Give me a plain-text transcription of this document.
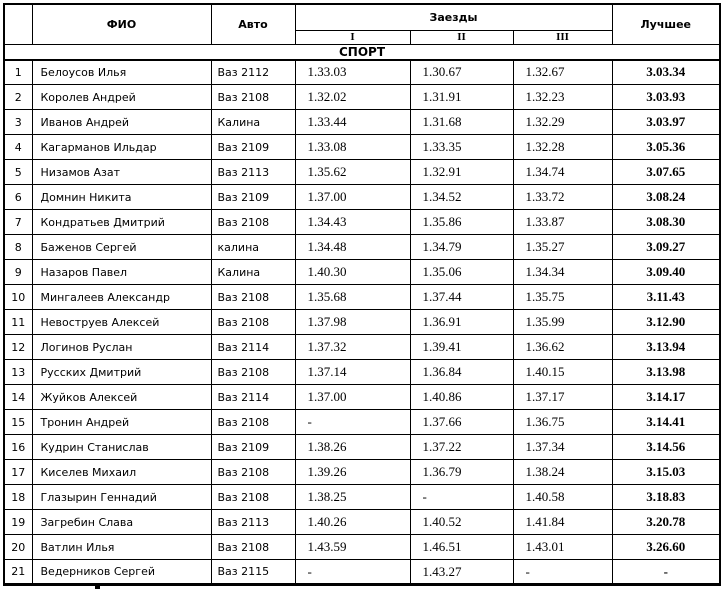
	ФИО	Авто	Заезды			Лучшее
			I	II	III	
СПОРТ						
1	Белоусов Илья	Ваз 2112	1.33.03	1.30.67	1.32.67	3.03.34
2	Королев Андрей	Ваз 2108	1.32.02	1.31.91	1.32.23	3.03.93
3	Иванов Андрей	Калина	1.33.44	1.31.68	1.32.29	3.03.97
4	Кагарманов Ильдар	Ваз 2109	1.33.08	1.33.35	1.32.28	3.05.36
5	Низамов Азат	Ваз 2113	1.35.62	1.32.91	1.34.74	3.07.65
6	Домнин Никита	Ваз 2109	1.37.00	1.34.52	1.33.72	3.08.24
7	Кондратьев Дмитрий	Ваз 2108	1.34.43	1.35.86	1.33.87	3.08.30
8	Баженов Сергей	калина	1.34.48	1.34.79	1.35.27	3.09.27
9	Назаров Павел	Калина	1.40.30	1.35.06	1.34.34	3.09.40
10	Мингалеев Александр	Ваз 2108	1.35.68	1.37.44	1.35.75	3.11.43
11	Невоструев Алексей	Ваз 2108	1.37.98	1.36.91	1.35.99	3.12.90
12	Логинов Руслан	Ваз 2114	1.37.32	1.39.41	1.36.62	3.13.94
13	Русских Дмитрий	Ваз 2108	1.37.14	1.36.84	1.40.15	3.13.98
14	Жуйков Алексей	Ваз 2114	1.37.00	1.40.86	1.37.17	3.14.17
15	Тронин Андрей	Ваз 2108	-	1.37.66	1.36.75	3.14.41
16	Кудрин Станислав	Ваз 2109	1.38.26	1.37.22	1.37.34	3.14.56
17	Киселев Михаил	Ваз 2108	1.39.26	1.36.79	1.38.24	3.15.03
18	Глазырин Геннадий	Ваз 2108	1.38.25	-	1.40.58	3.18.83
19	Загребин Слава	Ваз 2113	1.40.26	1.40.52	1.41.84	3.20.78
20	Ватлин Илья	Ваз 2108	1.43.59	1.46.51	1.43.01	3.26.60
21	Ведерников Сергей	Ваз 2115	-	1.43.27	-	-
